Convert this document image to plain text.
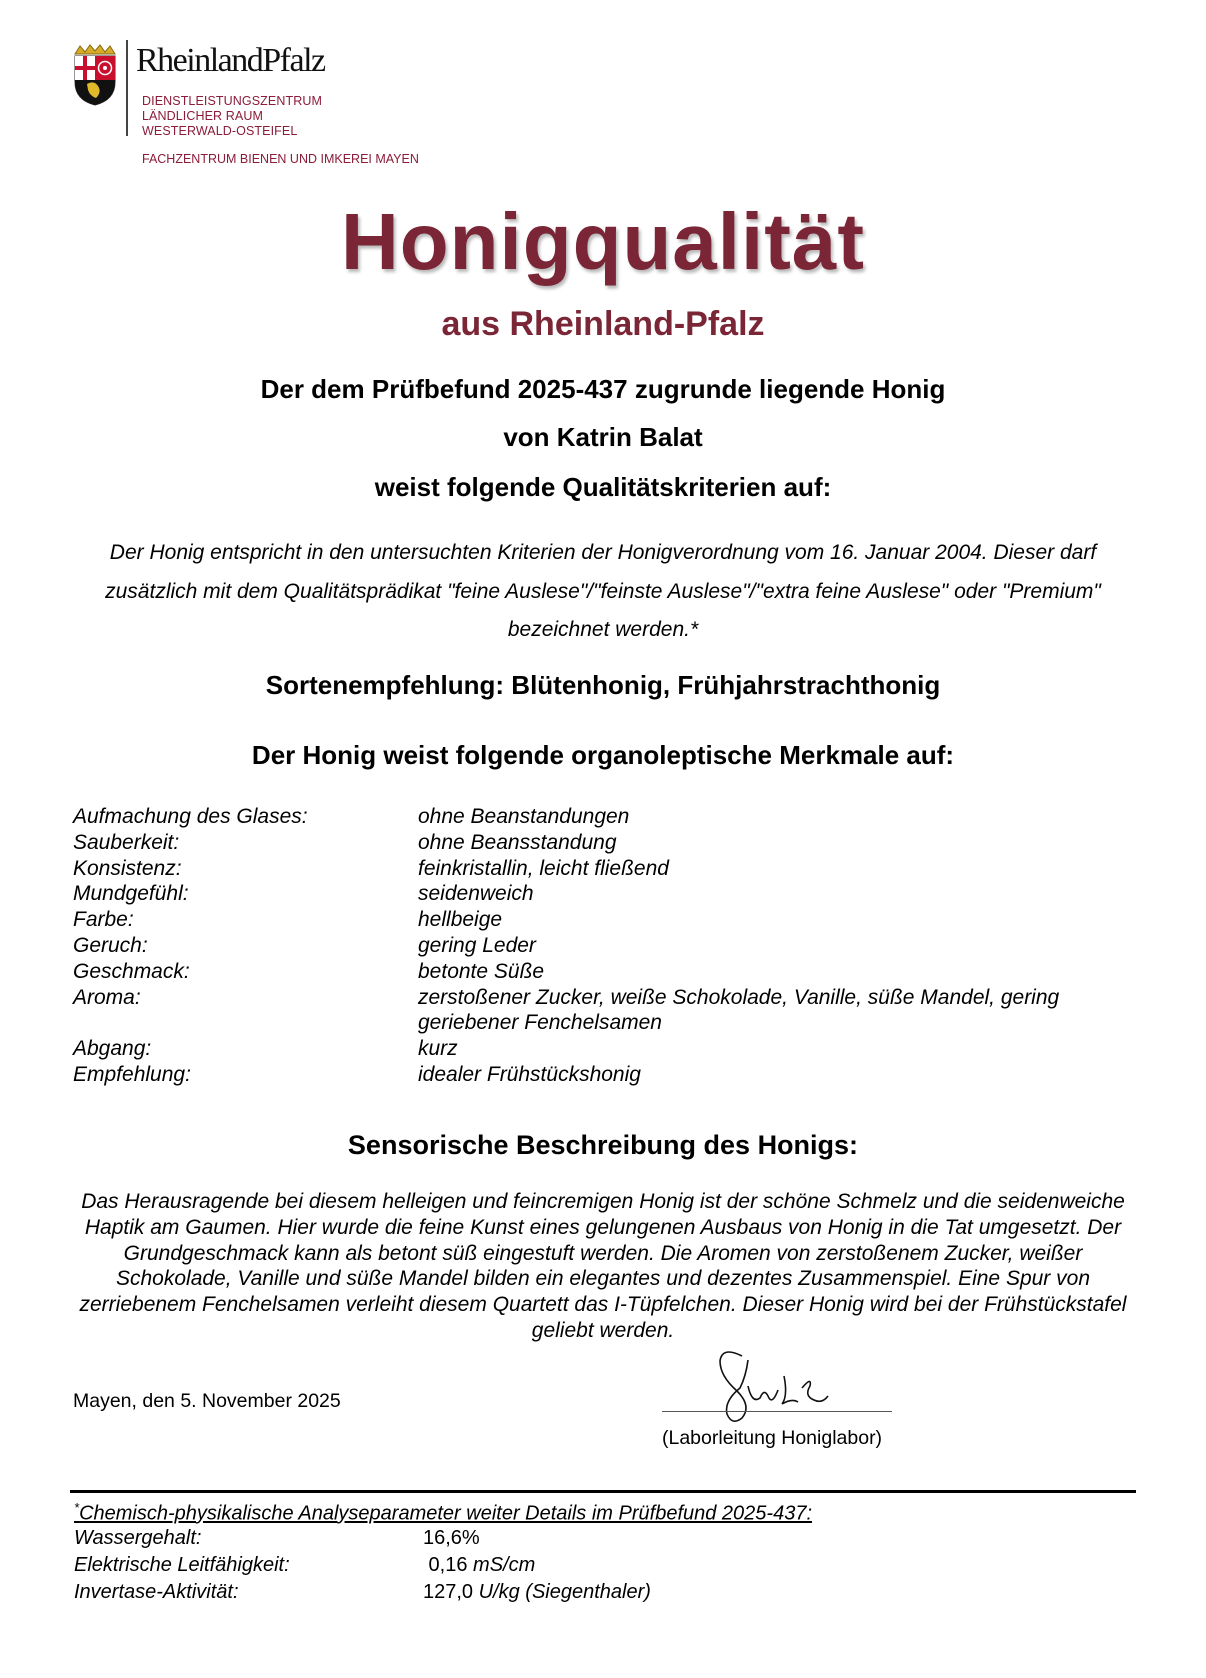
RheinlandPfalz
DIENSTLEISTUNGSZENTRUM
LÄNDLICHER RAUM
WESTERWALD-OSTEIFEL
FACHZENTRUM BIENEN UND IMKEREI MAYEN
Honigqualität
aus Rheinland-Pfalz
Der dem Prüfbefund 2025-437 zugrunde liegende Honig
von Katrin Balat
weist folgende Qualitätskriterien auf:
Der Honig entspricht in den untersuchten Kriterien der Honigverordnung vom 16. Januar 2004. Dieser darf zusätzlich mit dem Qualitätsprädikat "feine Auslese"/"feinste Auslese"/"extra feine Auslese" oder "Premium" bezeichnet werden.*
Sortenempfehlung: Blütenhonig, Frühjahrstrachthonig
Der Honig weist folgende organoleptische Merkmale auf:
Aufmachung des Glases:	ohne Beanstandungen
Sauberkeit:	ohne Beansstandung
Konsistenz:	feinkristallin, leicht fließend
Mundgefühl:	seidenweich
Farbe:	hellbeige
Geruch:	gering Leder
Geschmack:	betonte Süße
Aroma:	zerstoßener Zucker, weiße Schokolade, Vanille, süße Mandel, gering geriebener Fenchelsamen
Abgang:	kurz
Empfehlung:	idealer Frühstückshonig
Sensorische Beschreibung des Honigs:
Das Herausragende bei diesem helleigen und feincremigen Honig ist der schöne Schmelz und die seidenweiche Haptik am Gaumen. Hier wurde die feine Kunst eines gelungenen Ausbaus von Honig in die Tat umgesetzt. Der Grundgeschmack kann als betont süß eingestuft werden. Die Aromen von zerstoßenem Zucker, weißer Schokolade, Vanille und süße Mandel bilden ein elegantes und dezentes Zusammenspiel. Eine Spur von zerriebenem Fenchelsamen verleiht diesem Quartett das I-Tüpfelchen. Dieser Honig wird bei der Frühstückstafel geliebt werden.
Mayen, den 5. November 2025
(Laborleitung Honiglabor)
*Chemisch-physikalische Analyseparameter weiter Details im Prüfbefund 2025-437:
Wassergehalt:	16,6%
Elektrische Leitfähigkeit:	0,16 mS/cm
Invertase-Aktivität:	127,0 U/kg (Siegenthaler)
